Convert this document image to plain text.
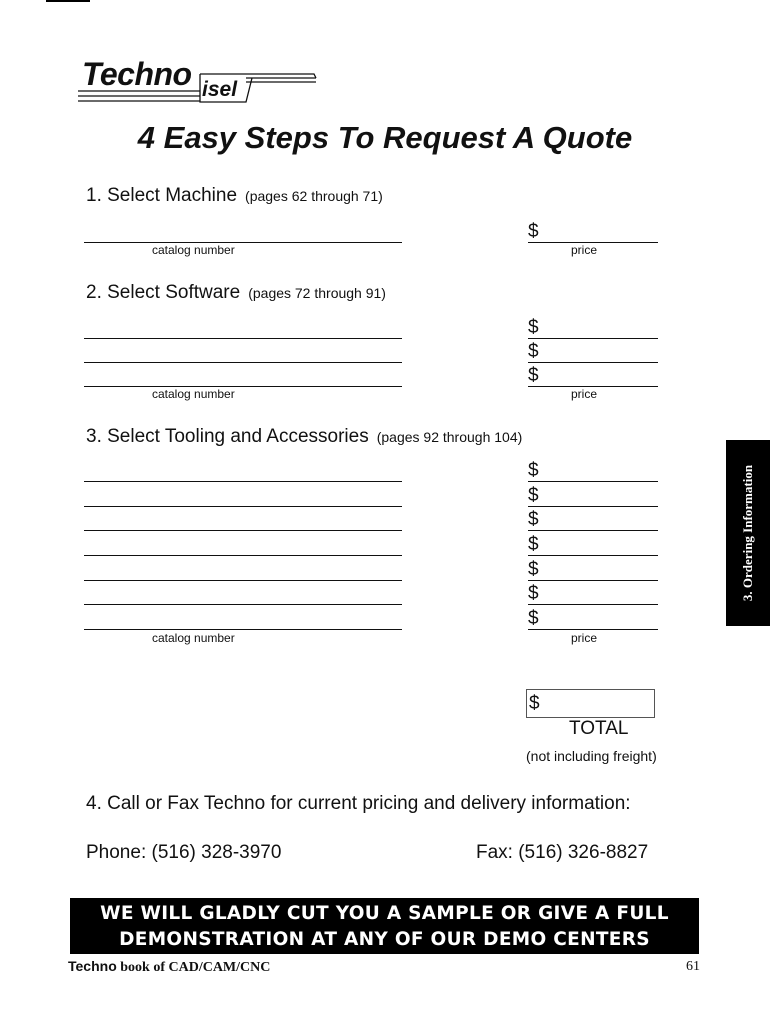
Techno isel
4 Easy Steps To Request A Quote
1. Select Machine (pages 62 through 71)
$
catalog number	price
2. Select Software (pages 72 through 91)
$
$
$
catalog number	price
3. Select Tooling and Accessories (pages 92 through 104)
$
$
$
$
$
$
$
catalog number	price
$
TOTAL
(not including freight)
4. Call or Fax Techno for current pricing and delivery information:
Phone: (516) 328-3970	Fax: (516) 326-8827
WE WILL GLADLY CUT YOU A SAMPLE OR GIVE A FULL
DEMONSTRATION AT ANY OF OUR DEMO CENTERS
Techno book of CAD/CAM/CNC	61
3. Ordering Information
